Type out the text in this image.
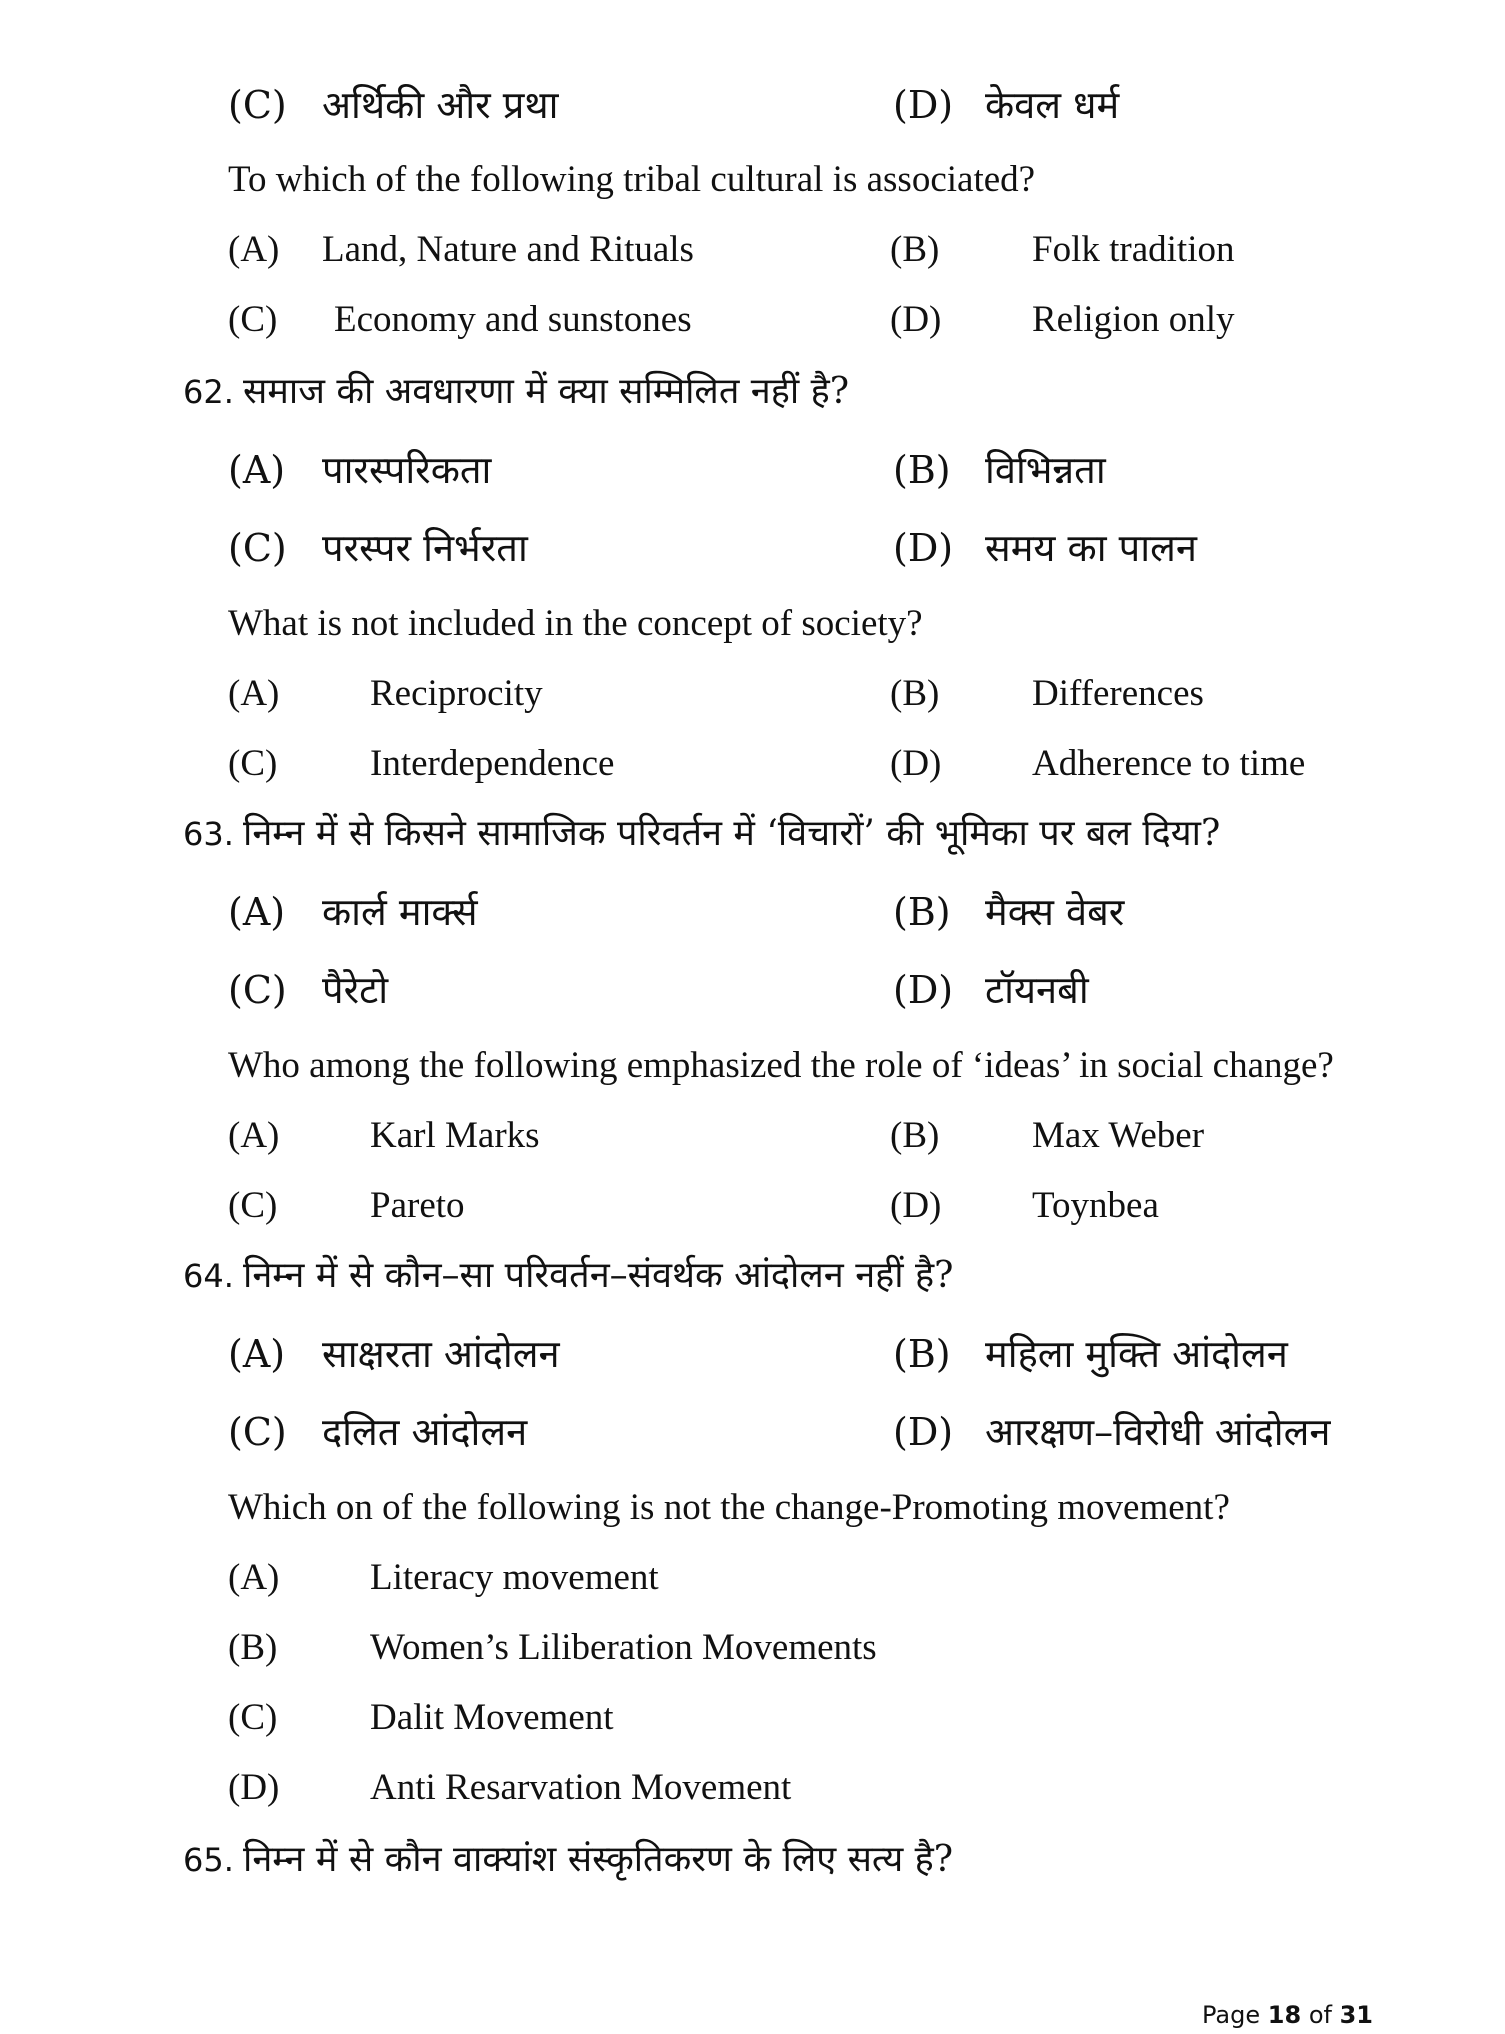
(C) अर्थिकी और प्रथा	(D) केवल धर्म
To which of the following tribal cultural is associated?
(A) Land, Nature and Rituals	(B)	Folk tradition
(C) Economy and sunstones	(D) Religion only
62. समाज की अवधारणा में क्या सम्मिलित नहीं है?
(A) पारस्परिकता	(B) विभिन्नता
(C) परस्पर निर्भरता	(D) समय का पालन
What is not included in the concept of society?
(A) Reciprocity	(B)	Differences
(C)	Interdependence	(D) Adherence to time
63. निम्न में से किसने सामाजिक परिवर्तन में ‘विचारों’ की भूमिका पर बल दिया?
(A) कार्ल मार्क्स	(B) मैक्स वेबर
(C) पैरेटो	(D) टॉयनबी
Who among the following emphasized the role of ‘ideas’ in social change?
(A) Karl Marks	(B)	Max Weber
(C)	Pareto	(D) Toynbea
64. निम्न में से कौन–सा परिवर्तन–संवर्थक आंदोलन नहीं है?
(A) साक्षरता आंदोलन	(B) महिला मुक्ति आंदोलन
(C) दलित आंदोलन	(D) आरक्षण–विरोधी आंदोलन
Which on of the following is not the change-Promoting movement?
(A) Literacy movement
(B)	Women’s Liliberation Movements
(C)	Dalit Movement
(D) Anti Resarvation Movement
65. निम्न में से कौन वाक्यांश संस्कृतिकरण के लिए सत्य है?
Page 18 of 31
